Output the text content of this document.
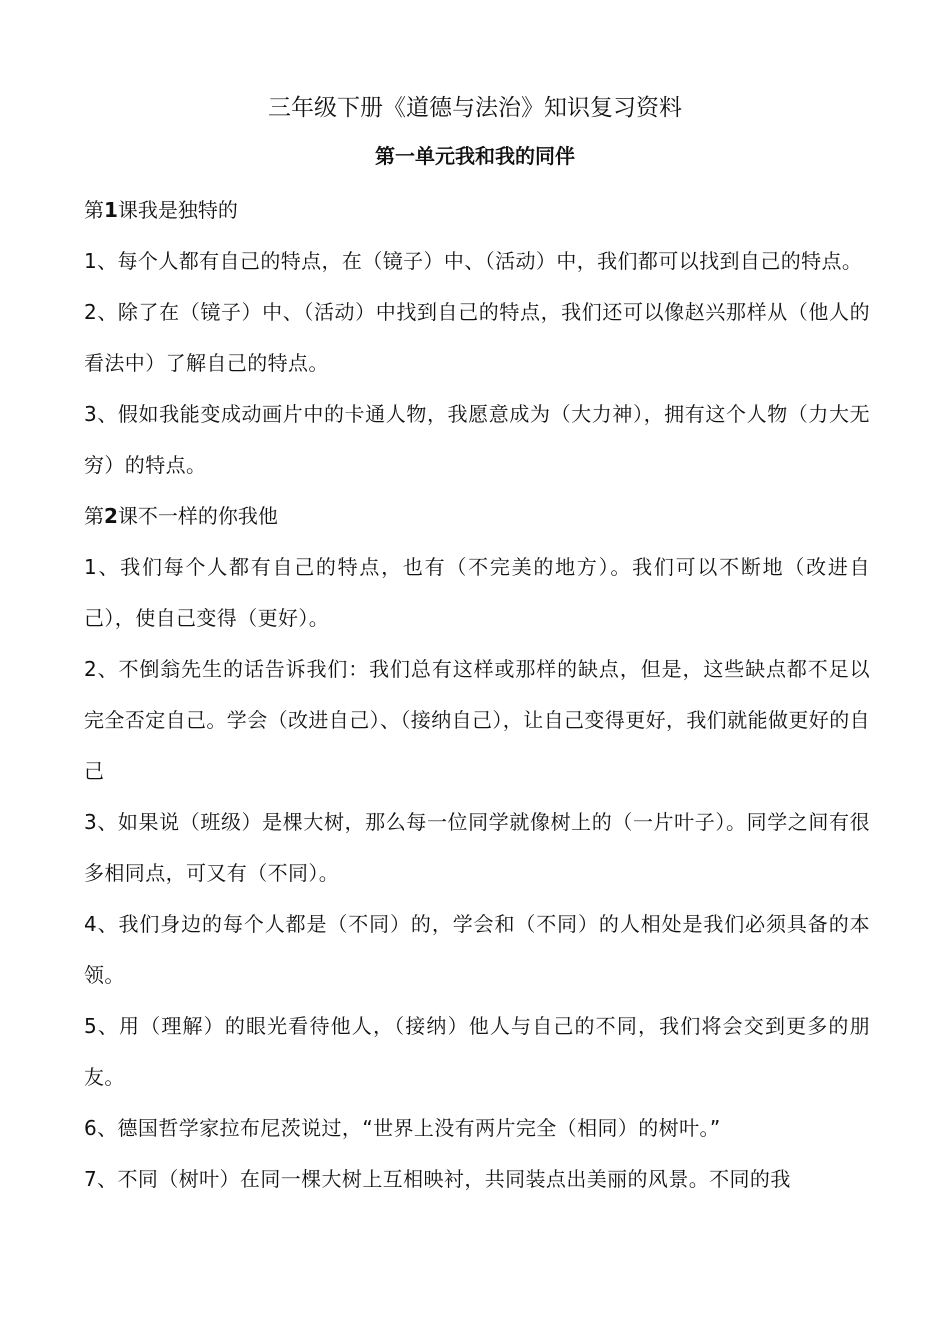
三年级下册《道德与法治》知识复习资料
第一单元我和我的同伴

第1课我是独特的

1、每个人都有自己的特点，在（镜子）中、（活动）中，我们都可以找到自己的特点。

2、除了在（镜子）中、（活动）中找到自己的特点，我们还可以像赵兴那样从（他人的看法中）了解自己的特点。

3、假如我能变成动画片中的卡通人物，我愿意成为（大力神），拥有这个人物（力大无穷）的特点。

第2课不一样的你我他

1、我们每个人都有自己的特点，也有（不完美的地方）。我们可以不断地（改进自己），使自己变得（更好）。

2、不倒翁先生的话告诉我们：我们总有这样或那样的缺点，但是，这些缺点都不足以完全否定自己。学会（改进自己）、（接纳自己），让自己变得更好，我们就能做更好的自己

3、如果说（班级）是棵大树，那么每一位同学就像树上的（一片叶子）。同学之间有很多相同点，可又有（不同）。

4、我们身边的每个人都是（不同）的，学会和（不同）的人相处是我们必须具备的本领。

5、用（理解）的眼光看待他人，（接纳）他人与自己的不同，我们将会交到更多的朋友。

6、德国哲学家拉布尼茨说过，“世界上没有两片完全（相同）的树叶。”

7、不同（树叶）在同一棵大树上互相映衬，共同装点出美丽的风景。不同的我
